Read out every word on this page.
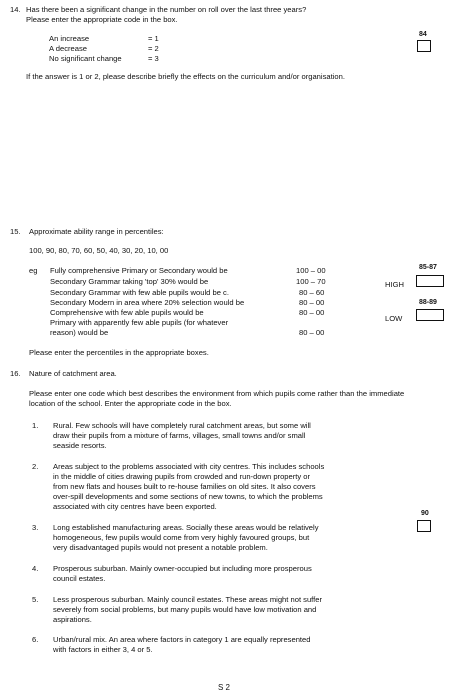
14. Has there been a significant change in the number on roll over the last three years?
Please enter the appropriate code in the box.
An increase	= 1
A decrease	= 2
No significant change	= 3
84
If the answer is 1 or 2, please describe briefly the effects on the curriculum and/or organisation.
15. Approximate ability range in percentiles:
100, 90, 80, 70, 60, 50, 40, 30, 20, 10, 00
eg Fully comprehensive Primary or Secondary would be	100 – 00
Secondary Grammar taking 'top' 30% would be	100 – 70
Secondary Grammar with few able pupils would be c.	80 – 60
Secondary Modern in area where 20% selection would be	80 – 00
Comprehensive with few able pupils would be	80 – 00
Primary with apparently few able pupils (for whatever
reason) would be	80 – 00
85-87
HIGH
88-89
LOW
Please enter the percentiles in the appropriate boxes.
16. Nature of catchment area.
Please enter one code which best describes the environment from which pupils come rather than the immediate
location of the school. Enter the appropriate code in the box.
90
1. Rural. Few schools will have completely rural catchment areas, but some will
draw their pupils from a mixture of farms, villages, small towns and/or small
seaside resorts.
2. Areas subject to the problems associated with city centres. This includes schools
in the middle of cities drawing pupils from crowded and run-down property or
from new flats and houses built to re-house families on old sites. It also covers
over-spill developments and some sections of new towns, to which the problems
associated with city centres have been exported.
3. Long established manufacturing areas. Socially these areas would be relatively
homogeneous, few pupils would come from very highly favoured groups, but
very disadvantaged pupils would not present a notable problem.
4. Prosperous suburban. Mainly owner-occupied but including more prosperous
council estates.
5. Less prosperous suburban. Mainly council estates. These areas might not suffer
severely from social problems, but many pupils would have low motivation and
aspirations.
6. Urban/rural mix. An area where factors in category 1 are equally represented
with factors in either 3, 4 or 5.
S 2
